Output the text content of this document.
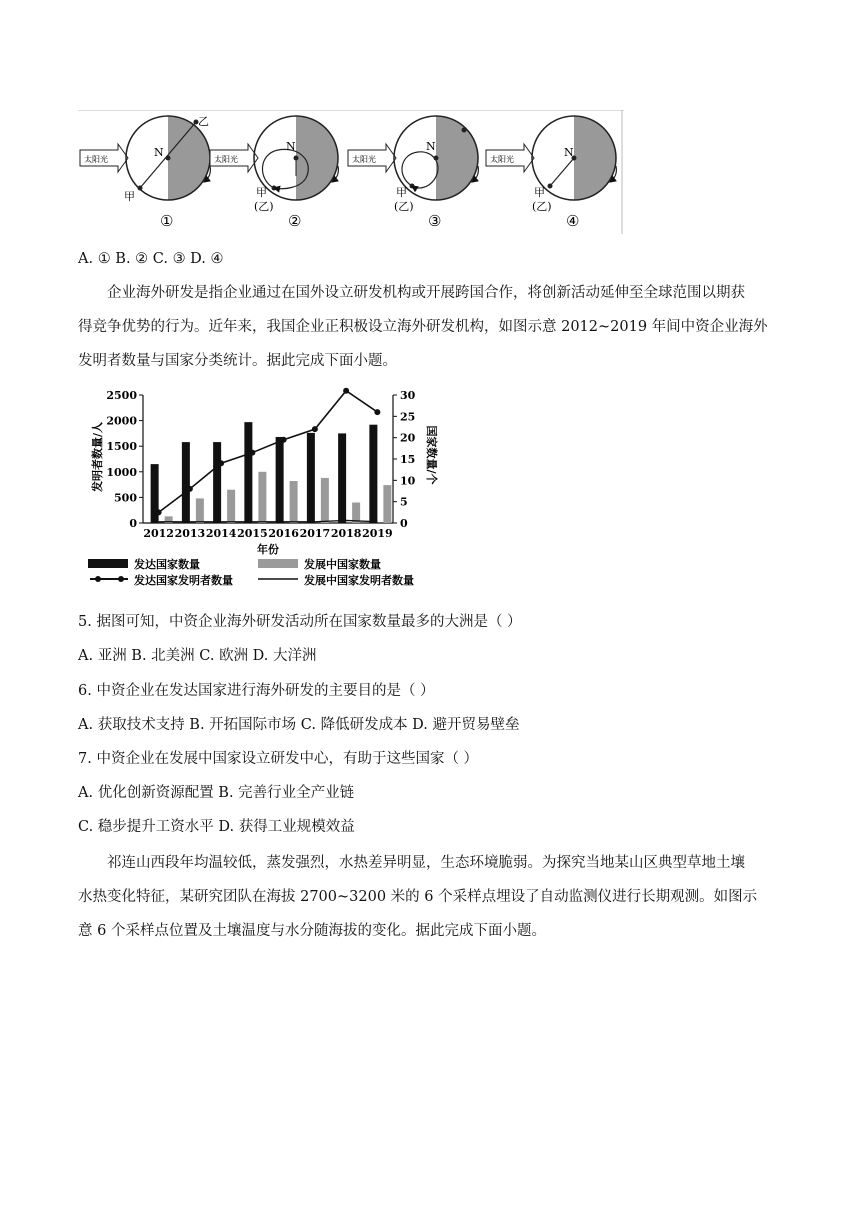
太阳光
N
乙
甲
①
太阳光
N
甲
(乙)
②
太阳光
N
甲
(乙)
③
太阳光
N
甲
(乙)
④
A. ① B. ② C. ③ D. ④
企业海外研发是指企业通过在国外设立研发机构或开展跨国合作，将创新活动延伸至全球范围以期获
得竞争优势的行为。近年来，我国企业正积极设立海外研发机构，如图示意 2012~2019 年间中资企业海外
发明者数量与国家分类统计。据此完成下面小题。
0
500
1000
1500
2000
2500
0
5
10
15
20
25
30
2012 2013 2014 2015 2016 2017 2018 2019
发明者数量/人	国家数量/个
年份
发达国家数量	发展中国家数量
发达国家发明者数量	发展中国家发明者数量
5. 据图可知，中资企业海外研发活动所在国家数量最多的大洲是（ ）
A. 亚洲 B. 北美洲 C. 欧洲 D. 大洋洲
6. 中资企业在发达国家进行海外研发的主要目的是（ ）
A. 获取技术支持 B. 开拓国际市场 C. 降低研发成本 D. 避开贸易壁垒
7. 中资企业在发展中国家设立研发中心，有助于这些国家（ ）
A. 优化创新资源配置 B. 完善行业全产业链
C. 稳步提升工资水平 D. 获得工业规模效益
祁连山西段年均温较低，蒸发强烈，水热差异明显，生态环境脆弱。为探究当地某山区典型草地土壤
水热变化特征，某研究团队在海拔 2700~3200 米的 6 个采样点埋设了自动监测仪进行长期观测。如图示
意 6 个采样点位置及土壤温度与水分随海拔的变化。据此完成下面小题。
